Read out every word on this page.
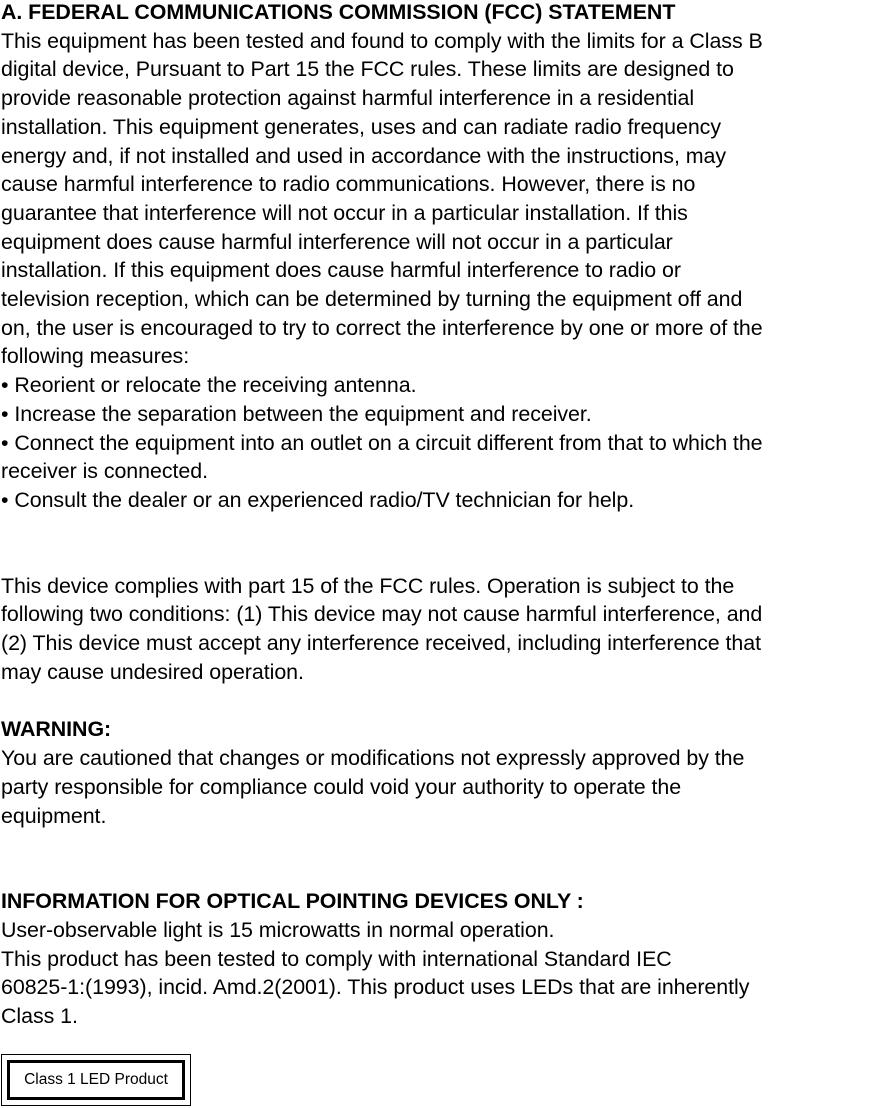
A. FEDERAL COMMUNICATIONS COMMISSION (FCC) STATEMENT
This equipment has been tested and found to comply with the limits for a Class B
digital device, Pursuant to Part 15 the FCC rules. These limits are designed to
provide reasonable protection against harmful interference in a residential
installation. This equipment generates, uses and can radiate radio frequency
energy and, if not installed and used in accordance with the instructions, may
cause harmful interference to radio communications. However, there is no
guarantee that interference will not occur in a particular installation. If this
equipment does cause harmful interference will not occur in a particular
installation. If this equipment does cause harmful interference to radio or
television reception, which can be determined by turning the equipment off and
on, the user is encouraged to try to correct the interference by one or more of the
following measures:
• Reorient or relocate the receiving antenna.
• Increase the separation between the equipment and receiver.
• Connect the equipment into an outlet on a circuit different from that to which the
receiver is connected.
• Consult the dealer or an experienced radio/TV technician for help.
This device complies with part 15 of the FCC rules. Operation is subject to the
following two conditions: (1) This device may not cause harmful interference, and
(2) This device must accept any interference received, including interference that
may cause undesired operation.
WARNING:
You are cautioned that changes or modifications not expressly approved by the
party responsible for compliance could void your authority to operate the
equipment.
INFORMATION FOR OPTICAL POINTING DEVICES ONLY :
User-observable light is 15 microwatts in normal operation.
This product has been tested to comply with international Standard IEC
60825-1:(1993), incid. Amd.2(2001). This product uses LEDs that are inherently
Class 1.
Class 1 LED Product
